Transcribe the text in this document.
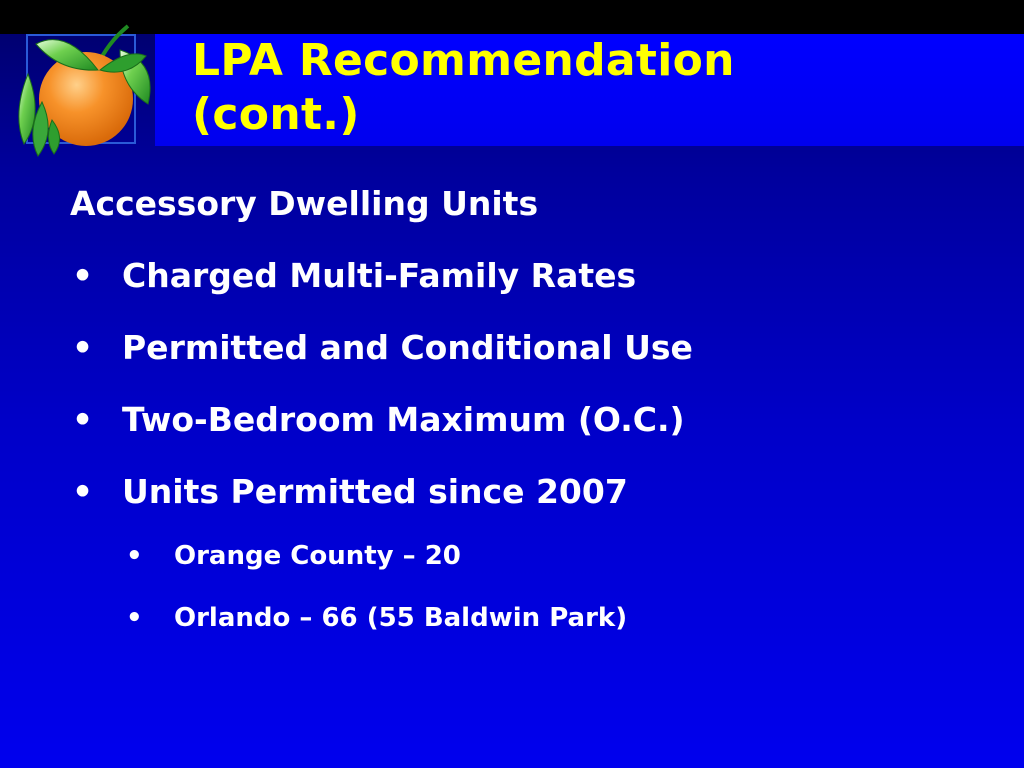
LPA Recommendation
(cont.)
Accessory Dwelling Units
• Charged Multi-Family Rates
• Permitted and Conditional Use
• Two-Bedroom Maximum (O.C.)
• Units Permitted since 2007
• Orange County – 20
• Orlando – 66 (55 Baldwin Park)
